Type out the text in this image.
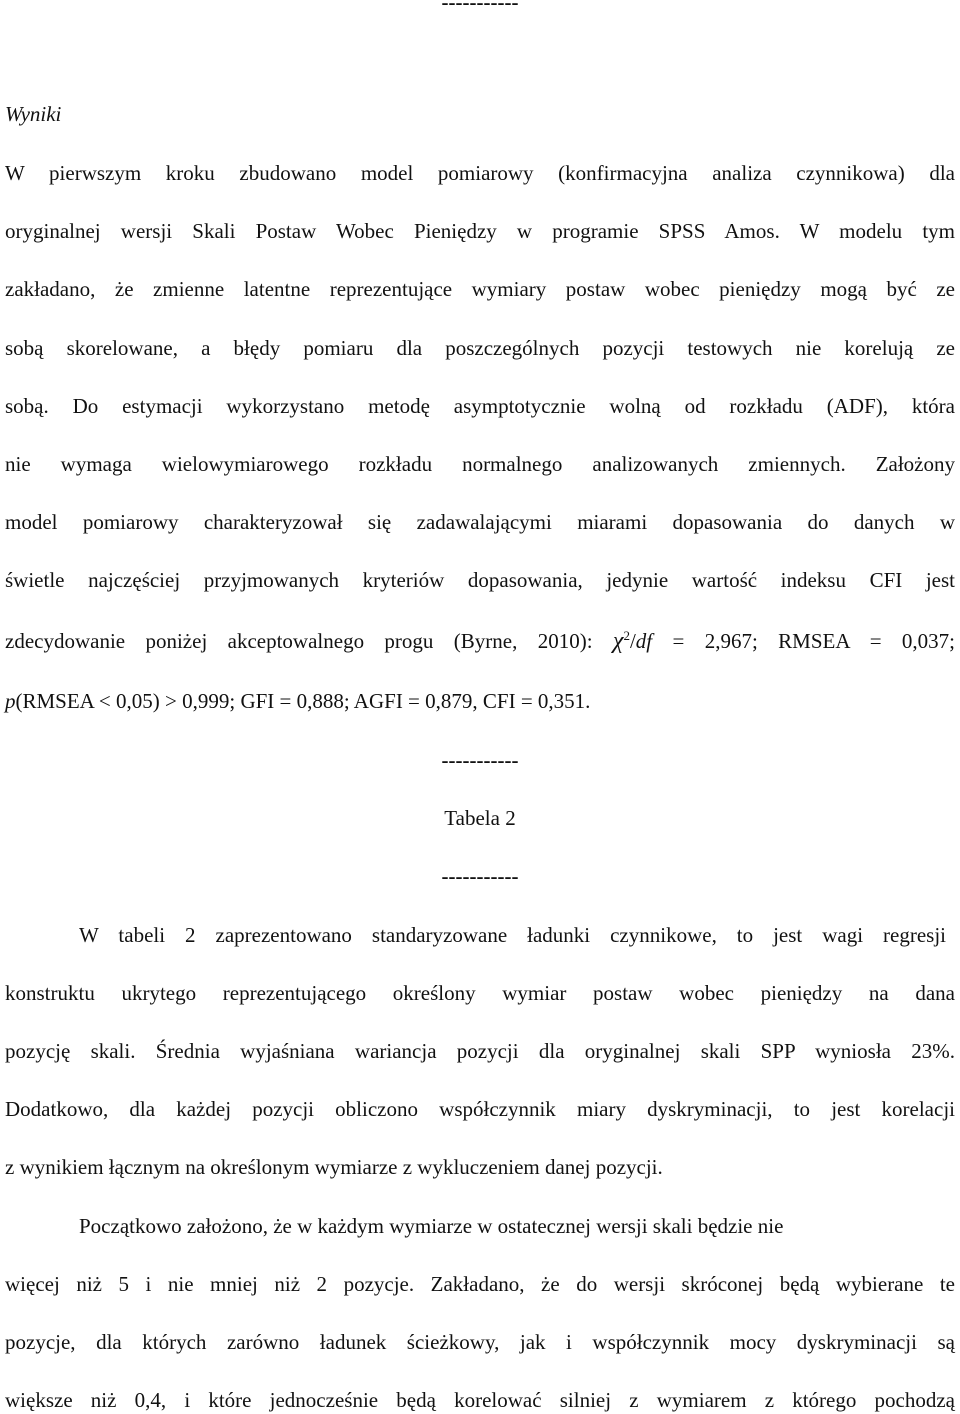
-----------
Wyniki
W pierwszym kroku zbudowano model pomiarowy (konfirmacyjna analiza czynnikowa) dla
oryginalnej wersji Skali Postaw Wobec Pieniędzy w programie SPSS Amos. W modelu tym
zakładano, że zmienne latentne reprezentujące wymiary postaw wobec pieniędzy mogą być ze
sobą skorelowane, a błędy pomiaru dla poszczególnych pozycji testowych nie korelują ze
sobą. Do estymacji wykorzystano metodę asymptotycznie wolną od rozkładu (ADF), która
nie wymaga wielowymiarowego rozkładu normalnego analizowanych zmiennych. Założony
model pomiarowy charakteryzował się zadawalającymi miarami dopasowania do danych w
świetle najczęściej przyjmowanych kryteriów dopasowania, jedynie wartość indeksu CFI jest
zdecydowanie poniżej akceptowalnego progu (Byrne, 2010): $\chi^2/df = 2,967$; RMSEA = 0,037;
p(RMSEA < 0,05) > 0,999; GFI = 0,888; AGFI = 0,879, CFI = 0,351.
-----------
Tabela 2
-----------
W tabeli 2 zaprezentowano standaryzowane ładunki czynnikowe, to jest wagi regresji
konstruktu ukrytego reprezentującego określony wymiar postaw wobec pieniędzy na dana
pozycję skali. Średnia wyjaśniana wariancja pozycji dla oryginalnej skali SPP wyniosła 23%.
Dodatkowo, dla każdej pozycji obliczono współczynnik miary dyskryminacji, to jest korelacji
z wynikiem łącznym na określonym wymiarze z wykluczeniem danej pozycji.
Początkowo założono, że w każdym wymiarze w ostatecznej wersji skali będzie nie
więcej niż 5 i nie mniej niż 2 pozycje. Zakładano, że do wersji skróconej będą wybierane te
pozycje, dla których zarówno ładunek ścieżkowy, jak i współczynnik mocy dyskryminacji są
większe niż 0,4, i które jednocześnie będą korelować silniej z wymiarem z którego pochodzą
